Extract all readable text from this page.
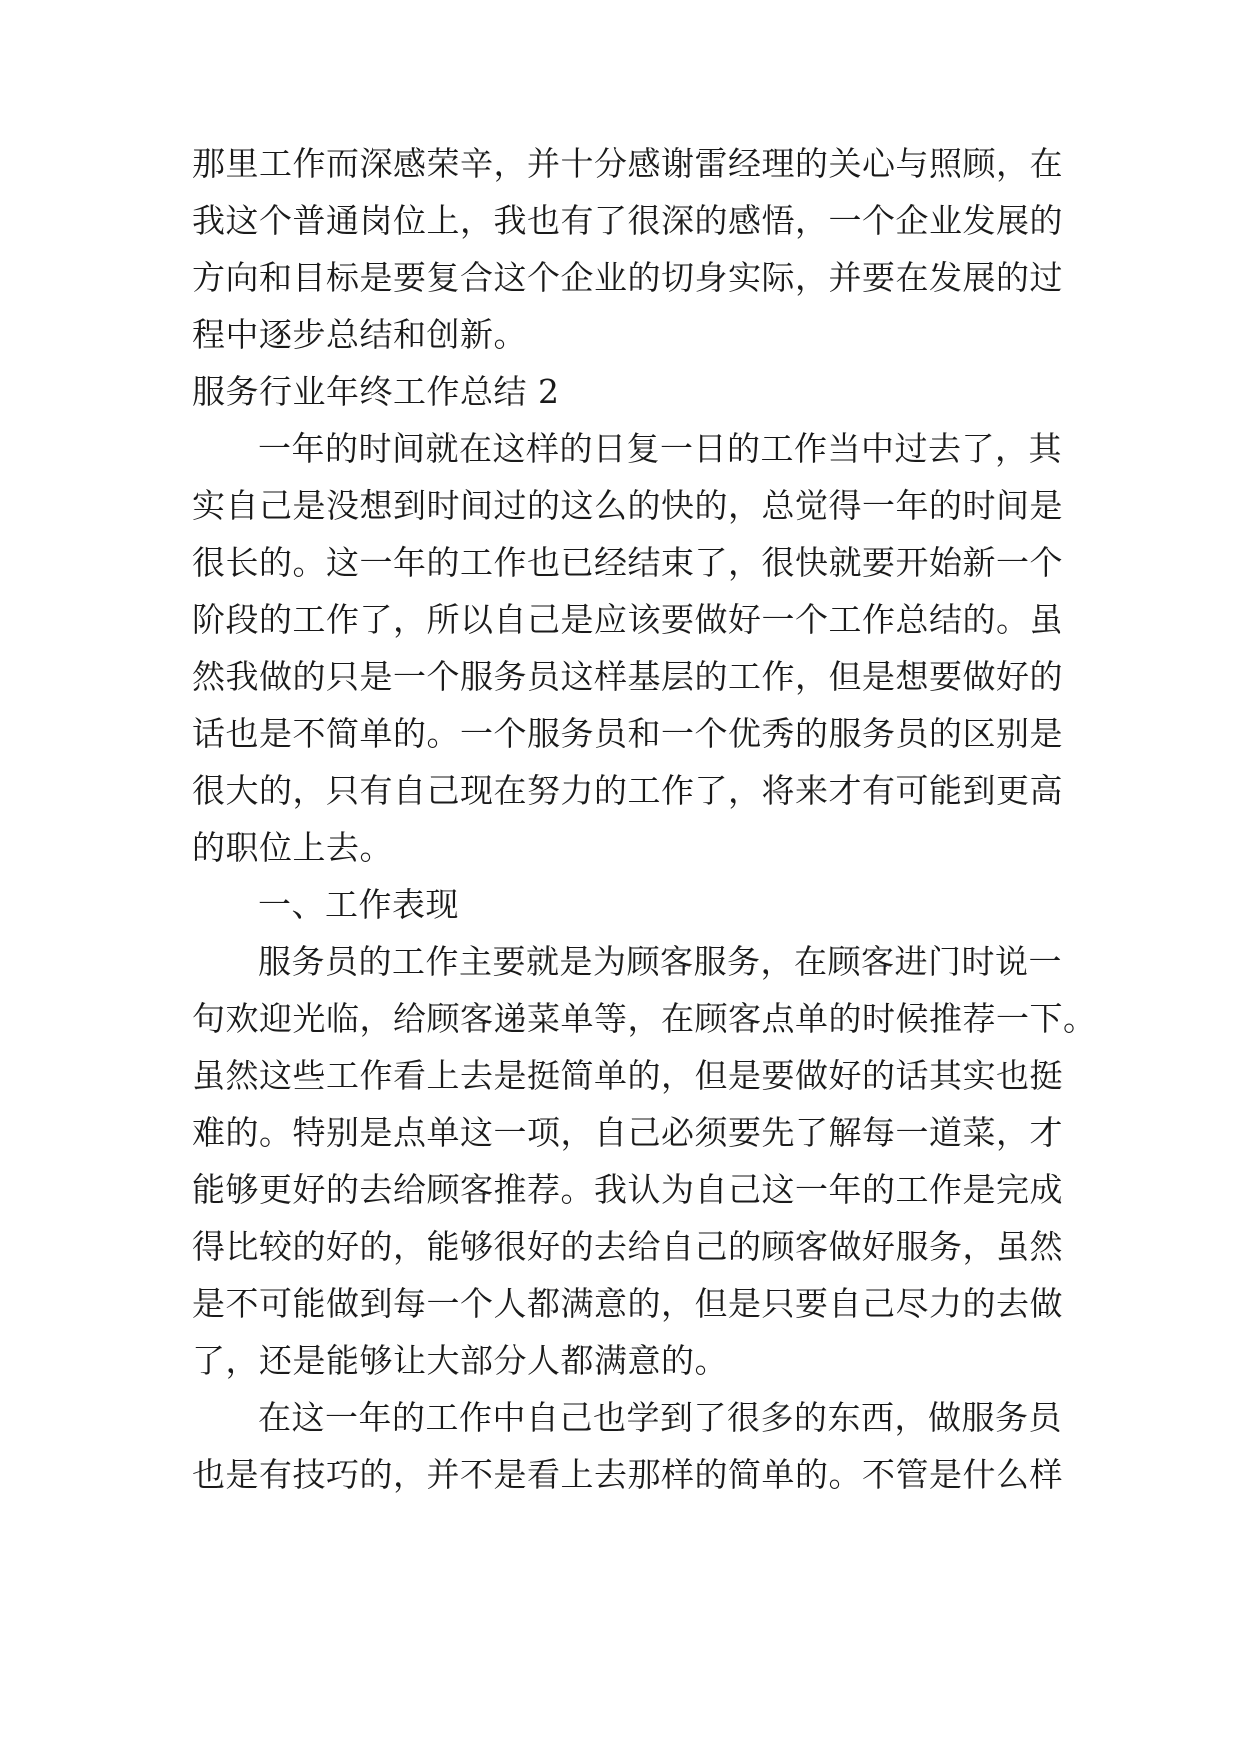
那里工作而深感荣辛，并十分感谢雷经理的关心与照顾，在
我这个普通岗位上，我也有了很深的感悟，一个企业发展的
方向和目标是要复合这个企业的切身实际，并要在发展的过
程中逐步总结和创新。
服务行业年终工作总结 2
一年的时间就在这样的日复一日的工作当中过去了，其
实自己是没想到时间过的这么的快的，总觉得一年的时间是
很长的。这一年的工作也已经结束了，很快就要开始新一个
阶段的工作了，所以自己是应该要做好一个工作总结的。虽
然我做的只是一个服务员这样基层的工作，但是想要做好的
话也是不简单的。一个服务员和一个优秀的服务员的区别是
很大的，只有自己现在努力的工作了，将来才有可能到更高
的职位上去。
一、工作表现
服务员的工作主要就是为顾客服务，在顾客进门时说一
句欢迎光临，给顾客递菜单等，在顾客点单的时候推荐一下。
虽然这些工作看上去是挺简单的，但是要做好的话其实也挺
难的。特别是点单这一项，自己必须要先了解每一道菜，才
能够更好的去给顾客推荐。我认为自己这一年的工作是完成
得比较的好的，能够很好的去给自己的顾客做好服务，虽然
是不可能做到每一个人都满意的，但是只要自己尽力的去做
了，还是能够让大部分人都满意的。
在这一年的工作中自己也学到了很多的东西，做服务员
也是有技巧的，并不是看上去那样的简单的。不管是什么样
